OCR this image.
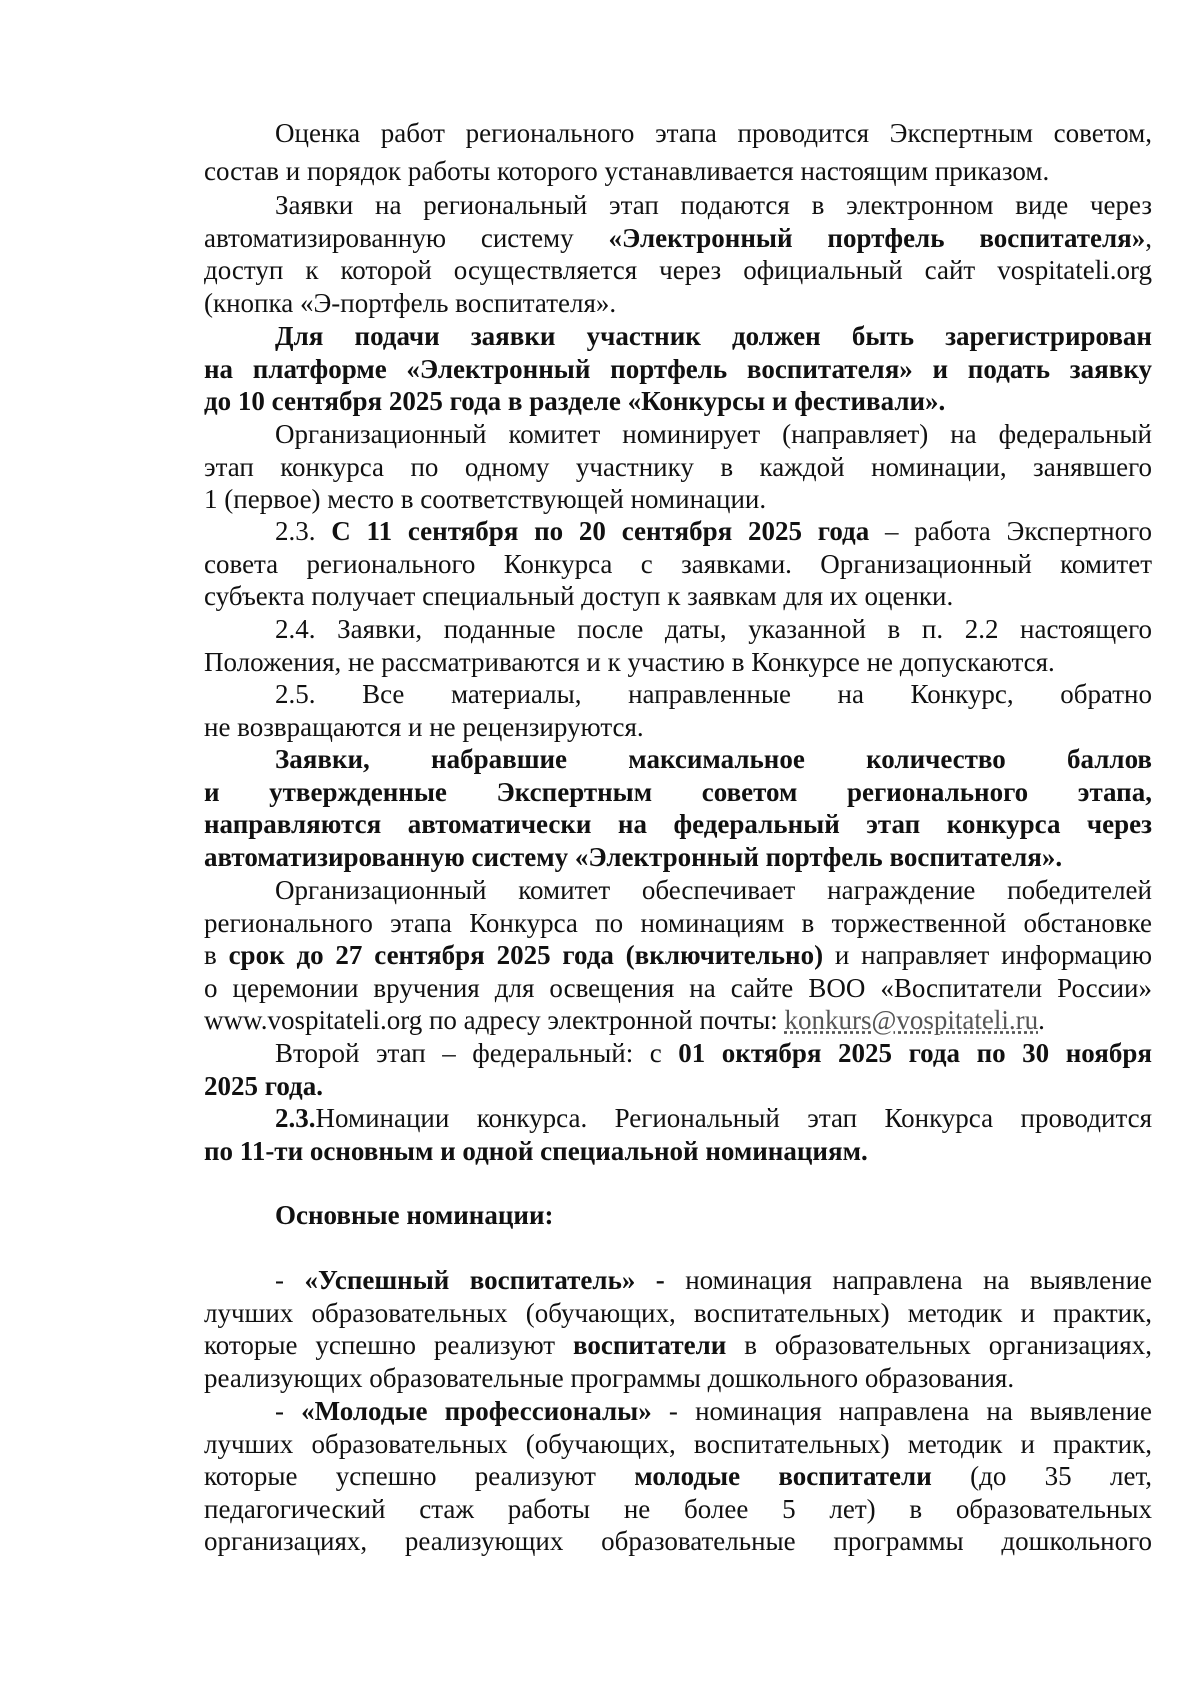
Оценка работ регионального этапа проводится Экспертным советом,
состав и порядок работы которого устанавливается настоящим приказом.
Заявки на региональный этап подаются в электронном виде через
автоматизированную систему «Электронный портфель воспитателя»,
доступ к которой осуществляется через официальный сайт vospitateli.org
(кнопка «Э-портфель воспитателя».
Для подачи заявки участник должен быть зарегистрирован
на платформе «Электронный портфель воспитателя» и подать заявку
до 10 сентября 2025 года в разделе «Конкурсы и фестивали».
Организационный комитет номинирует (направляет) на федеральный
этап конкурса по одному участнику в каждой номинации, занявшего
1 (первое) место в соответствующей номинации.
2.3. С 11 сентября по 20 сентября 2025 года – работа Экспертного
совета регионального Конкурса с заявками. Организационный комитет
субъекта получает специальный доступ к заявкам для их оценки.
2.4. Заявки, поданные после даты, указанной в п. 2.2 настоящего
Положения, не рассматриваются и к участию в Конкурсе не допускаются.
2.5. Все материалы, направленные на Конкурс, обратно
не возвращаются и не рецензируются.
Заявки, набравшие максимальное количество баллов
и утвержденные Экспертным советом регионального этапа,
направляются автоматически на федеральный этап конкурса через
автоматизированную систему «Электронный портфель воспитателя».
Организационный комитет обеспечивает награждение победителей
регионального этапа Конкурса по номинациям в торжественной обстановке
в срок до 27 сентября 2025 года (включительно) и направляет информацию
о церемонии вручения для освещения на сайте ВОО «Воспитатели России»
www.vospitateli.org по адресу электронной почты: konkurs@vospitateli.ru.
Второй этап – федеральный: с 01 октября 2025 года по 30 ноября
2025 года.
2.3.Номинации конкурса. Региональный этап Конкурса проводится
по 11-ти основным и одной специальной номинациям.
Основные номинации:
- «Успешный воспитатель» - номинация направлена на выявление
лучших образовательных (обучающих, воспитательных) методик и практик,
которые успешно реализуют воспитатели в образовательных организациях,
реализующих образовательные программы дошкольного образования.
- «Молодые профессионалы» - номинация направлена на выявление
лучших образовательных (обучающих, воспитательных) методик и практик,
которые успешно реализуют молодые воспитатели (до 35 лет,
педагогический стаж работы не более 5 лет) в образовательных
организациях, реализующих образовательные программы дошкольного
